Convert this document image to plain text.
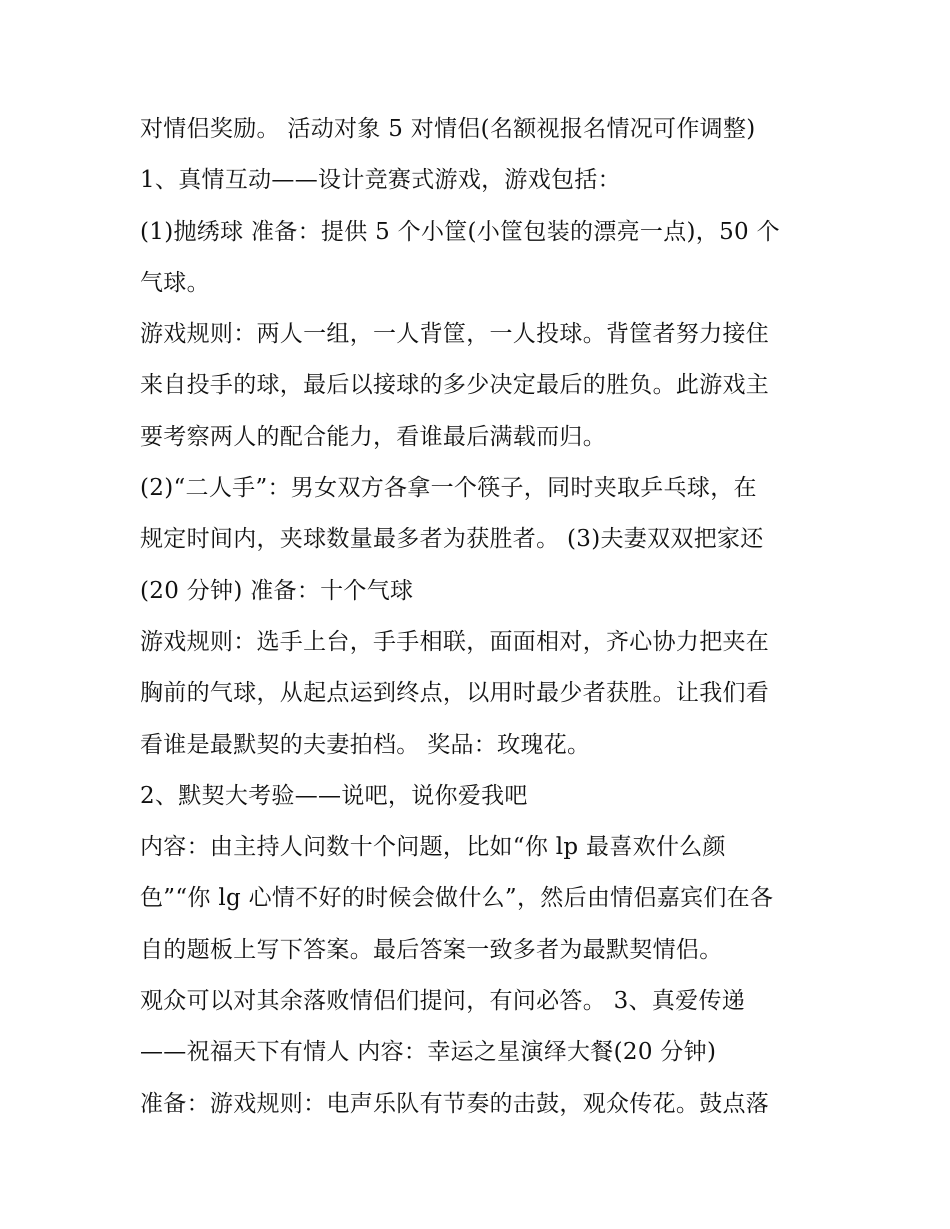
对情侣奖励。 活动对象 5 对情侣(名额视报名情况可作调整)
1、真情互动——设计竞赛式游戏，游戏包括：
(1)抛绣球 准备：提供 5 个小筐(小筐包装的漂亮一点)，50 个
气球。
游戏规则：两人一组，一人背筐，一人投球。背筐者努力接住
来自投手的球，最后以接球的多少决定最后的胜负。此游戏主
要考察两人的配合能力，看谁最后满载而归。
(2)“二人手”：男女双方各拿一个筷子，同时夹取乒乓球，在
规定时间内，夹球数量最多者为获胜者。 (3)夫妻双双把家还
(20 分钟) 准备：十个气球
游戏规则：选手上台，手手相联，面面相对，齐心协力把夹在
胸前的气球，从起点运到终点，以用时最少者获胜。让我们看
看谁是最默契的夫妻拍档。 奖品：玫瑰花。
2、默契大考验——说吧，说你爱我吧
内容：由主持人问数十个问题，比如“你 lp 最喜欢什么颜
色”“你 lg 心情不好的时候会做什么”，然后由情侣嘉宾们在各
自的题板上写下答案。最后答案一致多者为最默契情侣。
观众可以对其余落败情侣们提问，有问必答。 3、真爱传递
——祝福天下有情人 内容：幸运之星演绎大餐(20 分钟)
准备：游戏规则：电声乐队有节奏的击鼓，观众传花。鼓点落
